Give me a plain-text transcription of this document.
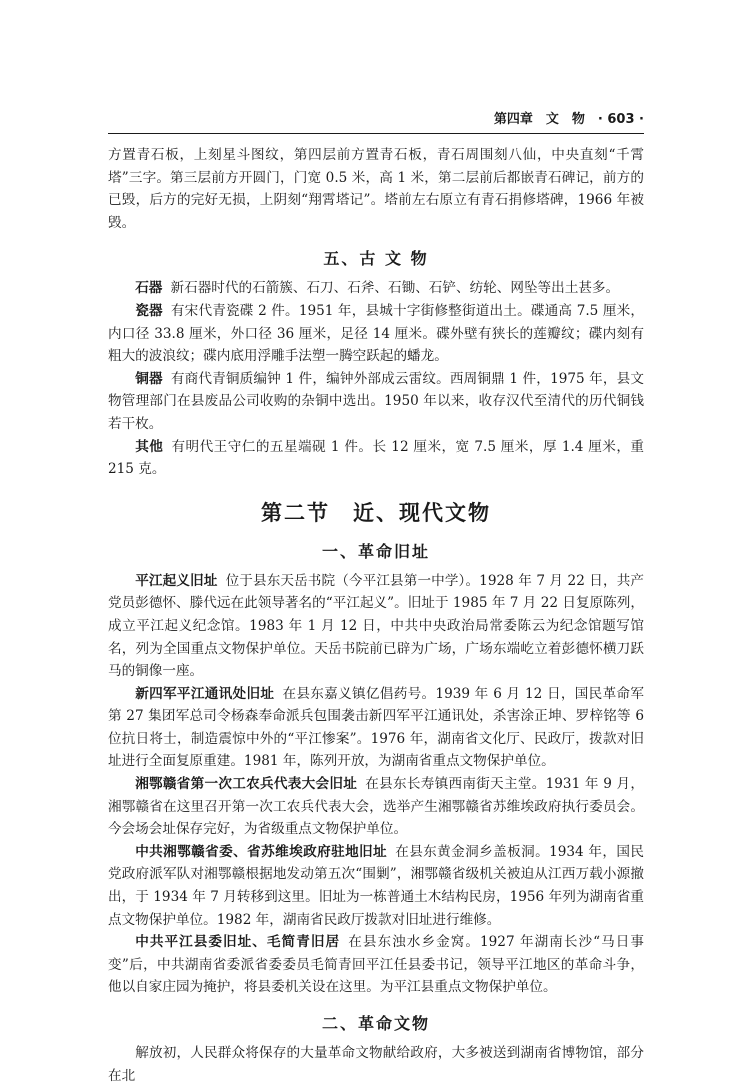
第四章　文　物　· 603 ·

方置青石板，上刻星斗图纹，第四层前方置青石板，青石周围刻八仙，中央直刻“千霄塔”三字。第三层前方开圆门，门宽 0.5 米，高 1 米，第二层前后都嵌青石碑记，前方的已毁，后方的完好无损，上阴刻“翔霄塔记”。塔前左右原立有青石捐修塔碑，1966 年被毁。

五、古 文 物

石器 新石器时代的石箭簇、石刀、石斧、石锄、石铲、纺轮、网坠等出土甚多。

瓷器 有宋代青瓷碟 2 件。1951 年，县城十字街修整街道出土。碟通高 7.5 厘米，内口径 33.8 厘米，外口径 36 厘米，足径 14 厘米。碟外壁有狭长的莲瓣纹；碟内刻有粗大的波浪纹；碟内底用浮雕手法塑一腾空跃起的蟠龙。

铜器 有商代青铜质编钟 1 件，编钟外部成云雷纹。西周铜鼎 1 件，1975 年，县文物管理部门在县废品公司收购的杂铜中选出。1950 年以来，收存汉代至清代的历代铜钱若干枚。

其他 有明代王守仁的五星端砚 1 件。长 12 厘米，宽 7.5 厘米，厚 1.4 厘米，重 215 克。

第二节　近、现代文物
一、革命旧址

平江起义旧址 位于县东天岳书院（今平江县第一中学）。1928 年 7 月 22 日，共产党员彭德怀、滕代远在此领导著名的“平江起义”。旧址于 1985 年 7 月 22 日复原陈列，成立平江起义纪念馆。1983 年 1 月 12 日，中共中央政治局常委陈云为纪念馆题写馆名，列为全国重点文物保护单位。天岳书院前已辟为广场，广场东端屹立着彭德怀横刀跃马的铜像一座。

新四军平江通讯处旧址 在县东嘉义镇亿倡药号。1939 年 6 月 12 日，国民革命军第 27 集团军总司令杨森奉命派兵包围袭击新四军平江通讯处，杀害涂正坤、罗梓铭等 6 位抗日将士，制造震惊中外的“平江惨案”。1976 年，湖南省文化厅、民政厅，拨款对旧址进行全面复原重建。1981 年，陈列开放，为湖南省重点文物保护单位。

湘鄂赣省第一次工农兵代表大会旧址 在县东长寿镇西南街天主堂。1931 年 9 月，湘鄂赣省在这里召开第一次工农兵代表大会，选举产生湘鄂赣省苏维埃政府执行委员会。今会场会址保存完好，为省级重点文物保护单位。

中共湘鄂赣省委、省苏维埃政府驻地旧址 在县东黄金洞乡盖板洞。1934 年，国民党政府派军队对湘鄂赣根据地发动第五次“围剿”，湘鄂赣省级机关被迫从江西万载小源撤出，于 1934 年 7 月转移到这里。旧址为一栋普通土木结构民房，1956 年列为湖南省重点文物保护单位。1982 年，湖南省民政厅拨款对旧址进行维修。

中共平江县委旧址、毛简青旧居 在县东浊水乡金窝。1927 年湖南长沙“马日事变”后，中共湖南省委派省委委员毛简青回平江任县委书记，领导平江地区的革命斗争，他以自家庄园为掩护，将县委机关设在这里。为平江县重点文物保护单位。

二、革命文物

解放初，人民群众将保存的大量革命文物献给政府，大多被送到湖南省博物馆，部分在北
